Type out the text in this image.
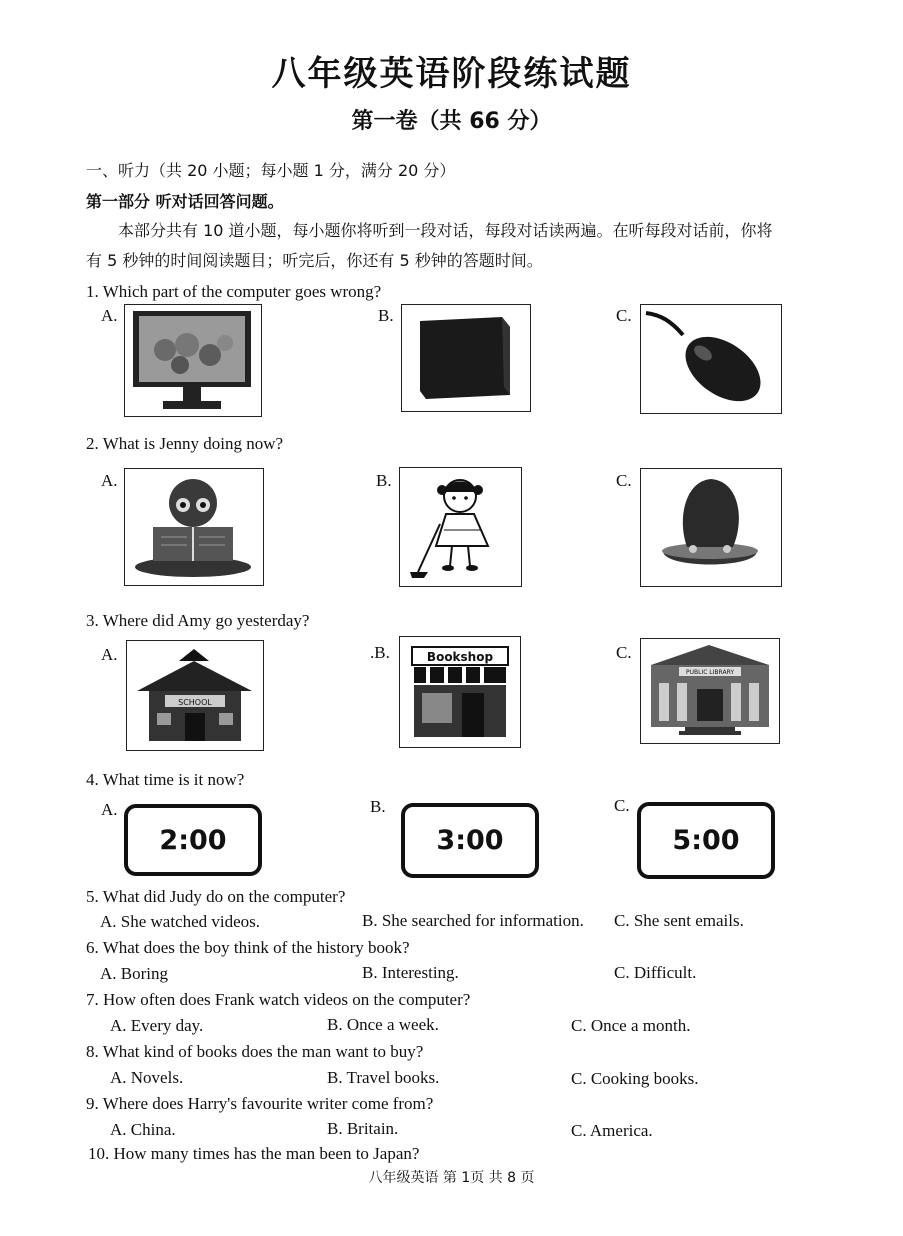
八年级英语阶段练试题
第一卷（共 66 分）
一、听力（共 20 小题；每小题 1 分，满分 20 分）
第一部分 听对话回答问题。
本部分共有 10 道小题，每小题你将听到一段对话，每段对话读两遍。在听每段对话前，你将
有 5 秒钟的时间阅读题目；听完后，你还有 5 秒钟的答题时间。
1. Which part of the computer goes wrong?
A.	B.	C.
2. What is Jenny doing now?
A.	B.	C.
3. Where did Amy go yesterday?
A.
SCHOOL
.B.	Bookshop	C.
PUBLIC LIBRARY
4. What time is it now?
A.
2:00
B.
3:00
C.
5:00
5. What did Judy do on the computer?
A. She watched videos.	B. She searched for information. C. She sent emails.
6. What does the boy think of the history book?
A. Boring	B. Interesting.	C. Difficult.
7. How often does Frank watch videos on the computer?
A. Every day.	B. Once a week.	C. Once a month.
8. What kind of books does the man want to buy?
A. Novels.	B. Travel books.	C. Cooking books.
9. Where does Harry's favourite writer come from?
A. China.	B. Britain.	C. America.
10. How many times has the man been to Japan?
八年级英语 第 1页 共 8 页
